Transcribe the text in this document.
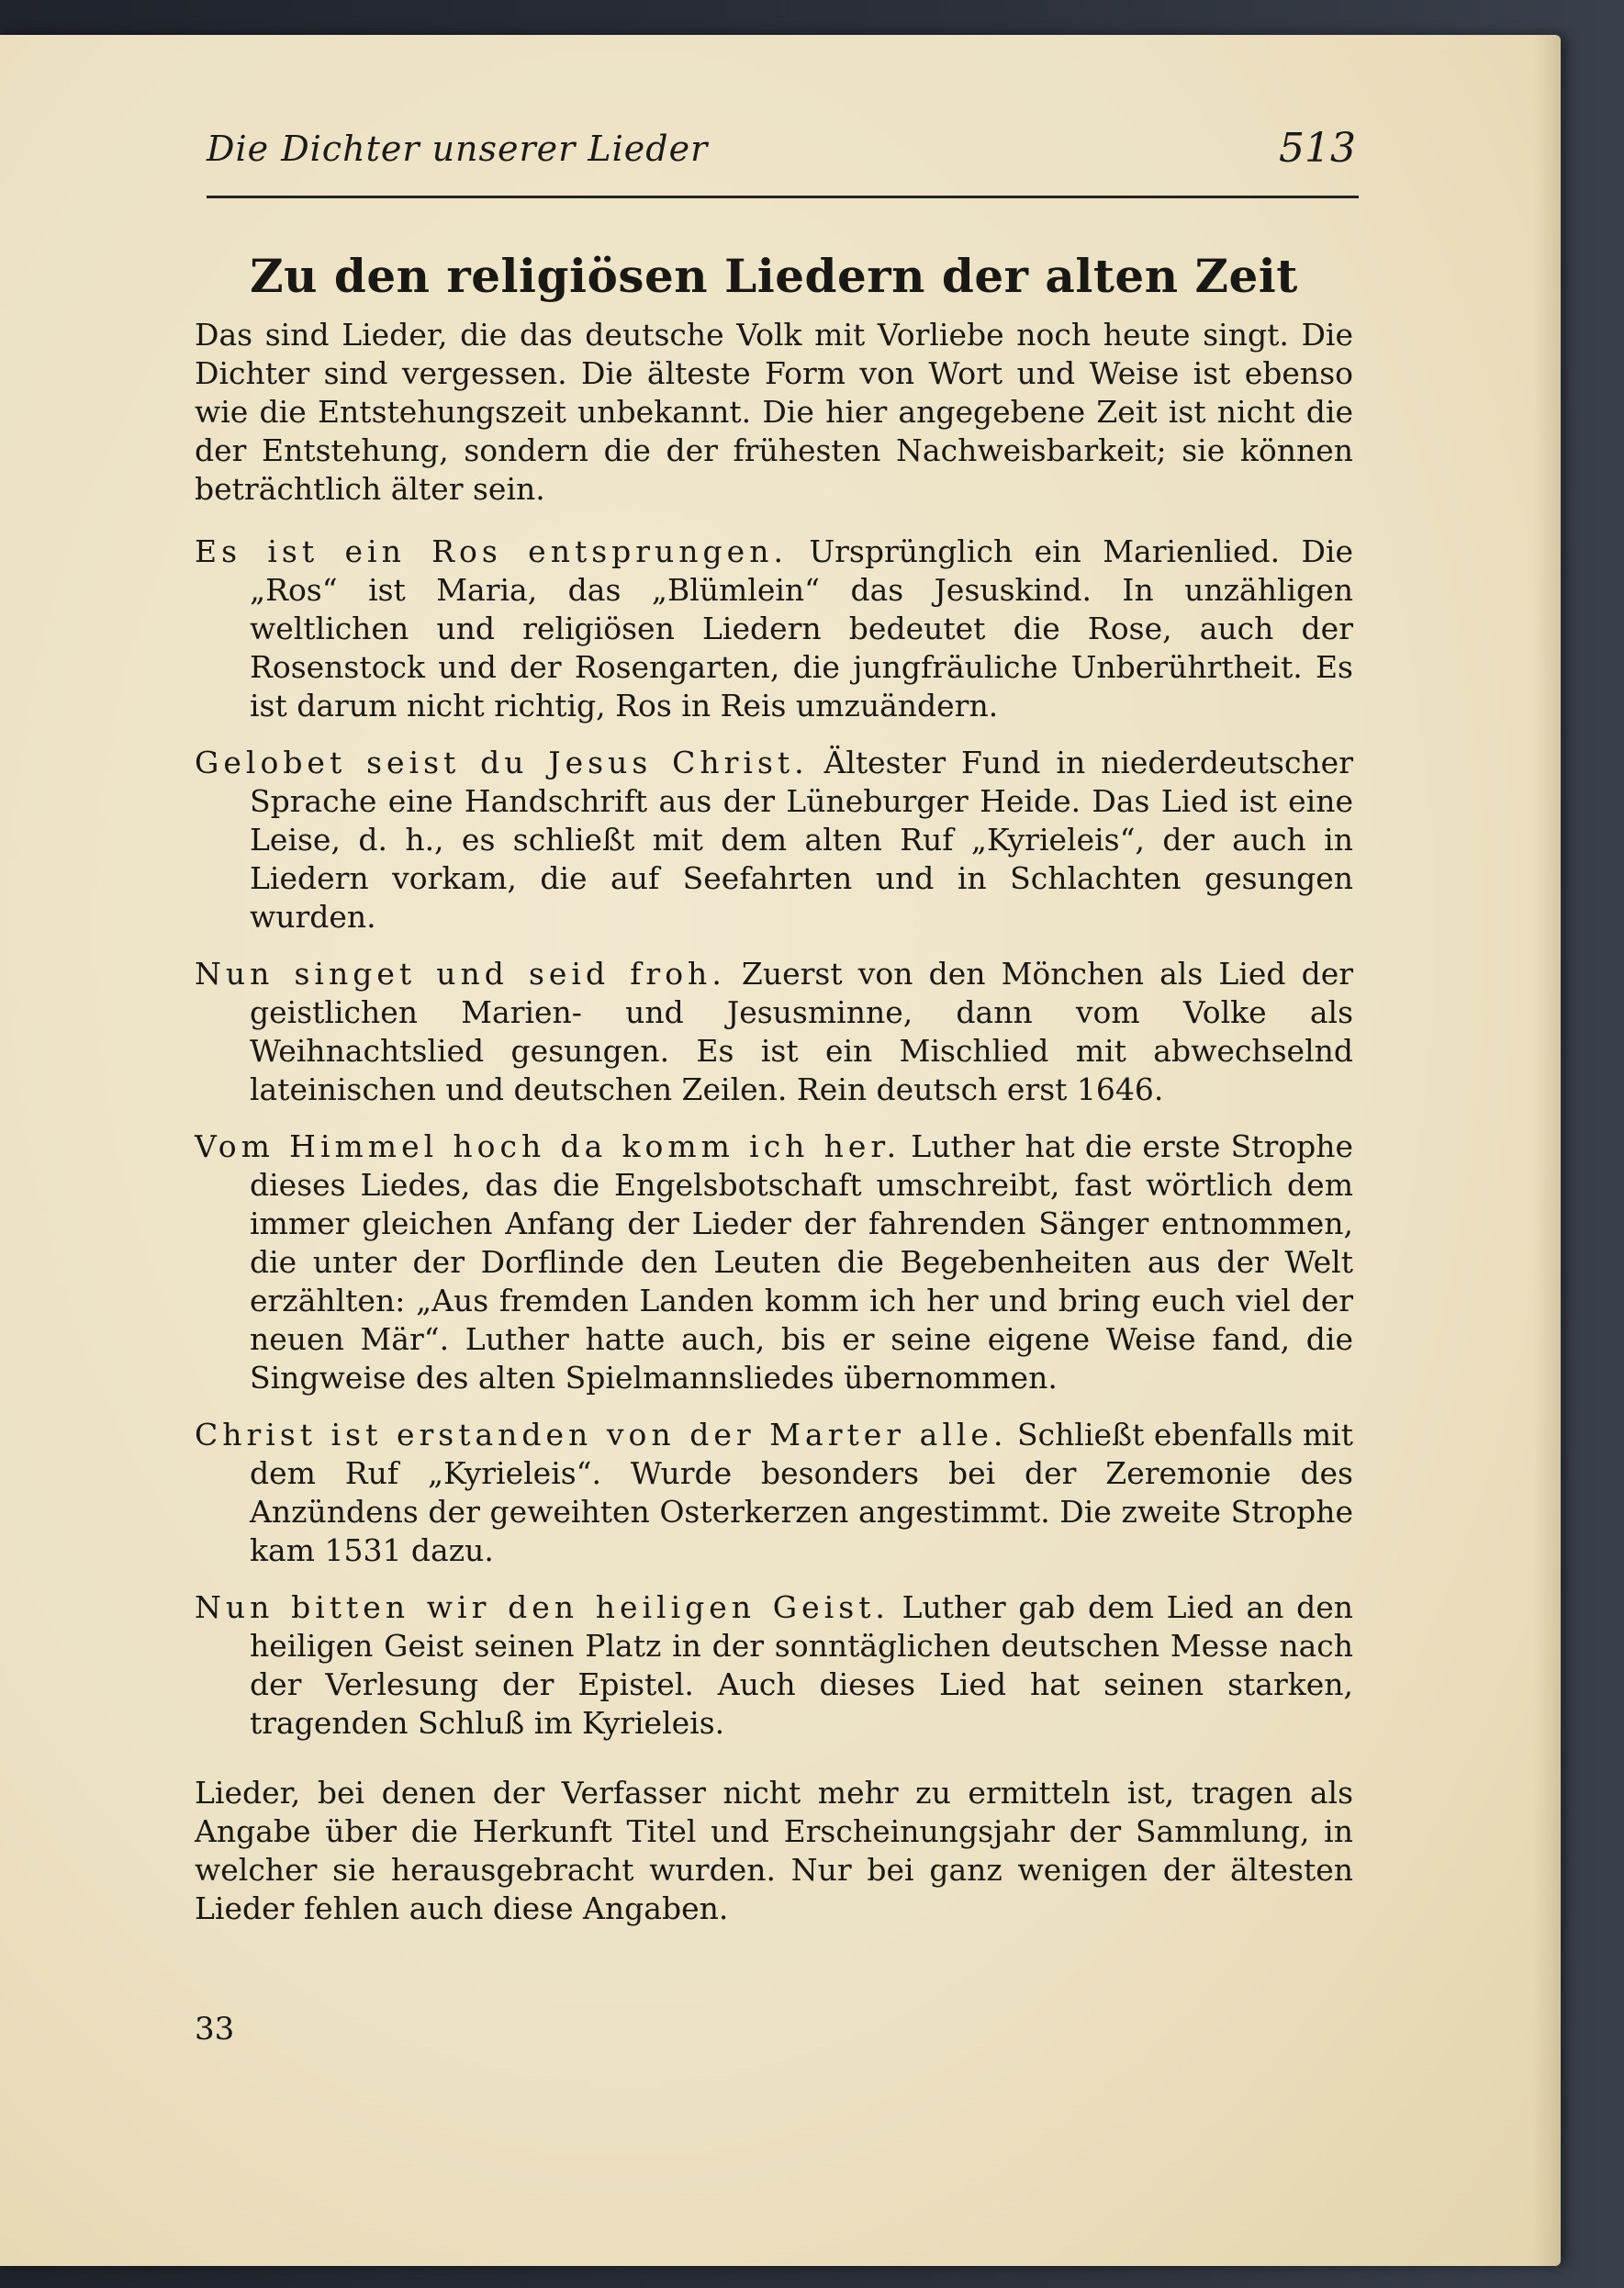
Die Dichter unserer Lieder	513
Zu den religiösen Liedern der alten Zeit

Das sind Lieder, die das deutsche Volk mit Vorliebe noch heute singt. Die Dichter sind vergessen. Die älteste Form von Wort und Weise ist ebenso wie die Entstehungszeit unbekannt. Die hier angegebene Zeit ist nicht die der Entstehung, sondern die der frühesten Nachweisbarkeit; sie können beträchtlich älter sein.

Es ist ein Ros entsprungen. Ursprünglich ein Marienlied. Die „Ros“ ist Maria, das „Blümlein“ das Jesuskind. In unzähligen weltlichen und religiösen Liedern bedeutet die Rose, auch der Rosenstock und der Rosengarten, die jungfräuliche Unberührtheit. Es ist darum nicht richtig, Ros in Reis umzuändern.

Gelobet seist du Jesus Christ. Ältester Fund in niederdeutscher Sprache eine Handschrift aus der Lüneburger Heide. Das Lied ist eine Leise, d. h., es schließt mit dem alten Ruf „Kyrieleis“, der auch in Liedern vorkam, die auf Seefahrten und in Schlachten gesungen wurden.

Nun singet und seid froh. Zuerst von den Mönchen als Lied der geistlichen Marien- und Jesusminne, dann vom Volke als Weihnachtslied gesungen. Es ist ein Mischlied mit abwechselnd lateinischen und deutschen Zeilen. Rein deutsch erst 1646.

Vom Himmel hoch da komm ich her. Luther hat die erste Strophe dieses Liedes, das die Engelsbotschaft umschreibt, fast wörtlich dem immer gleichen Anfang der Lieder der fahrenden Sänger entnommen, die unter der Dorflinde den Leuten die Begebenheiten aus der Welt erzählten: „Aus fremden Landen komm ich her und bring euch viel der neuen Mär“. Luther hatte auch, bis er seine eigene Weise fand, die Singweise des alten Spielmannsliedes übernommen.

Christ ist erstanden von der Marter alle. Schließt ebenfalls mit dem Ruf „Kyrieleis“. Wurde besonders bei der Zeremonie des Anzündens der geweihten Osterkerzen angestimmt. Die zweite Strophe kam 1531 dazu.

Nun bitten wir den heiligen Geist. Luther gab dem Lied an den heiligen Geist seinen Platz in der sonntäglichen deutschen Messe nach der Verlesung der Epistel. Auch dieses Lied hat seinen starken, tragenden Schluß im Kyrieleis.

Lieder, bei denen der Verfasser nicht mehr zu ermitteln ist, tragen als Angabe über die Herkunft Titel und Erscheinungsjahr der Sammlung, in welcher sie herausgebracht wurden. Nur bei ganz wenigen der ältesten Lieder fehlen auch diese Angaben.

33
